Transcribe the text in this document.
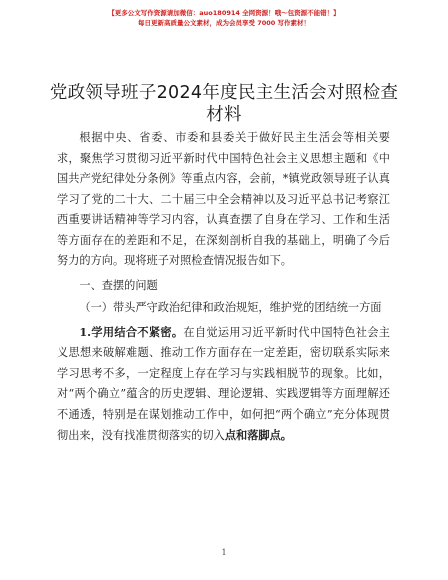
【更多公文写作资源请加微信：auo180914 全网资源！哦～包资源不能错！】
每日更新高质量公文素材，成为会员享受 7000 写作素材！
党政领导班子2024年度民主生活会对照检查材料

根据中央、省委、市委和县委关于做好民主生活会等相关要求，聚焦学习贯彻习近平新时代中国特色社会主义思想主题和《中国共产党纪律处分条例》等重点内容，会前，*镇党政领导班子认真学习了党的二十大、二十届三中全会精神以及习近平总书记考察江西重要讲话精神等学习内容，认真查摆了自身在学习、工作和生活等方面存在的差距和不足，在深刻剖析自我的基础上，明确了今后努力的方向。现将班子对照检查情况报告如下。

一、查摆的问题

（一）带头严守政治纪律和政治规矩，维护党的团结统一方面

1.学用结合不紧密。在自觉运用习近平新时代中国特色社会主义思想来破解难题、推动工作方面存在一定差距，密切联系实际来学习思考不多，一定程度上存在学习与实践相脱节的现象。比如，对“两个确立”蕴含的历史逻辑、理论逻辑、实践逻辑等方面理解还不通透，特别是在谋划推动工作中，如何把“两个确立”充分体现贯彻出来，没有找准贯彻落实的切入点和落脚点。

1
